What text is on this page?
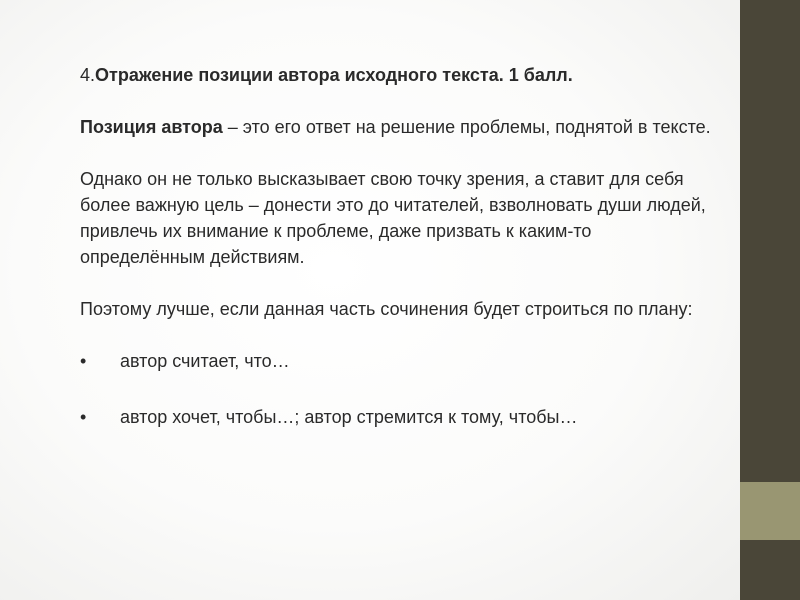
4.Отражение позиции автора исходного текста. 1 балл.

Позиция автора – это его ответ на решение проблемы, поднятой в тексте.

Однако он не только высказывает свою точку зрения, а ставит для себя более важную цель – донести это до читателей, взволновать души людей, привлечь их внимание к проблеме, даже призвать к каким-то определённым действиям.

Поэтому лучше, если данная часть сочинения будет строиться по плану:

• автор считает, что…
• автор хочет, чтобы…; автор стремится к тому, чтобы…
